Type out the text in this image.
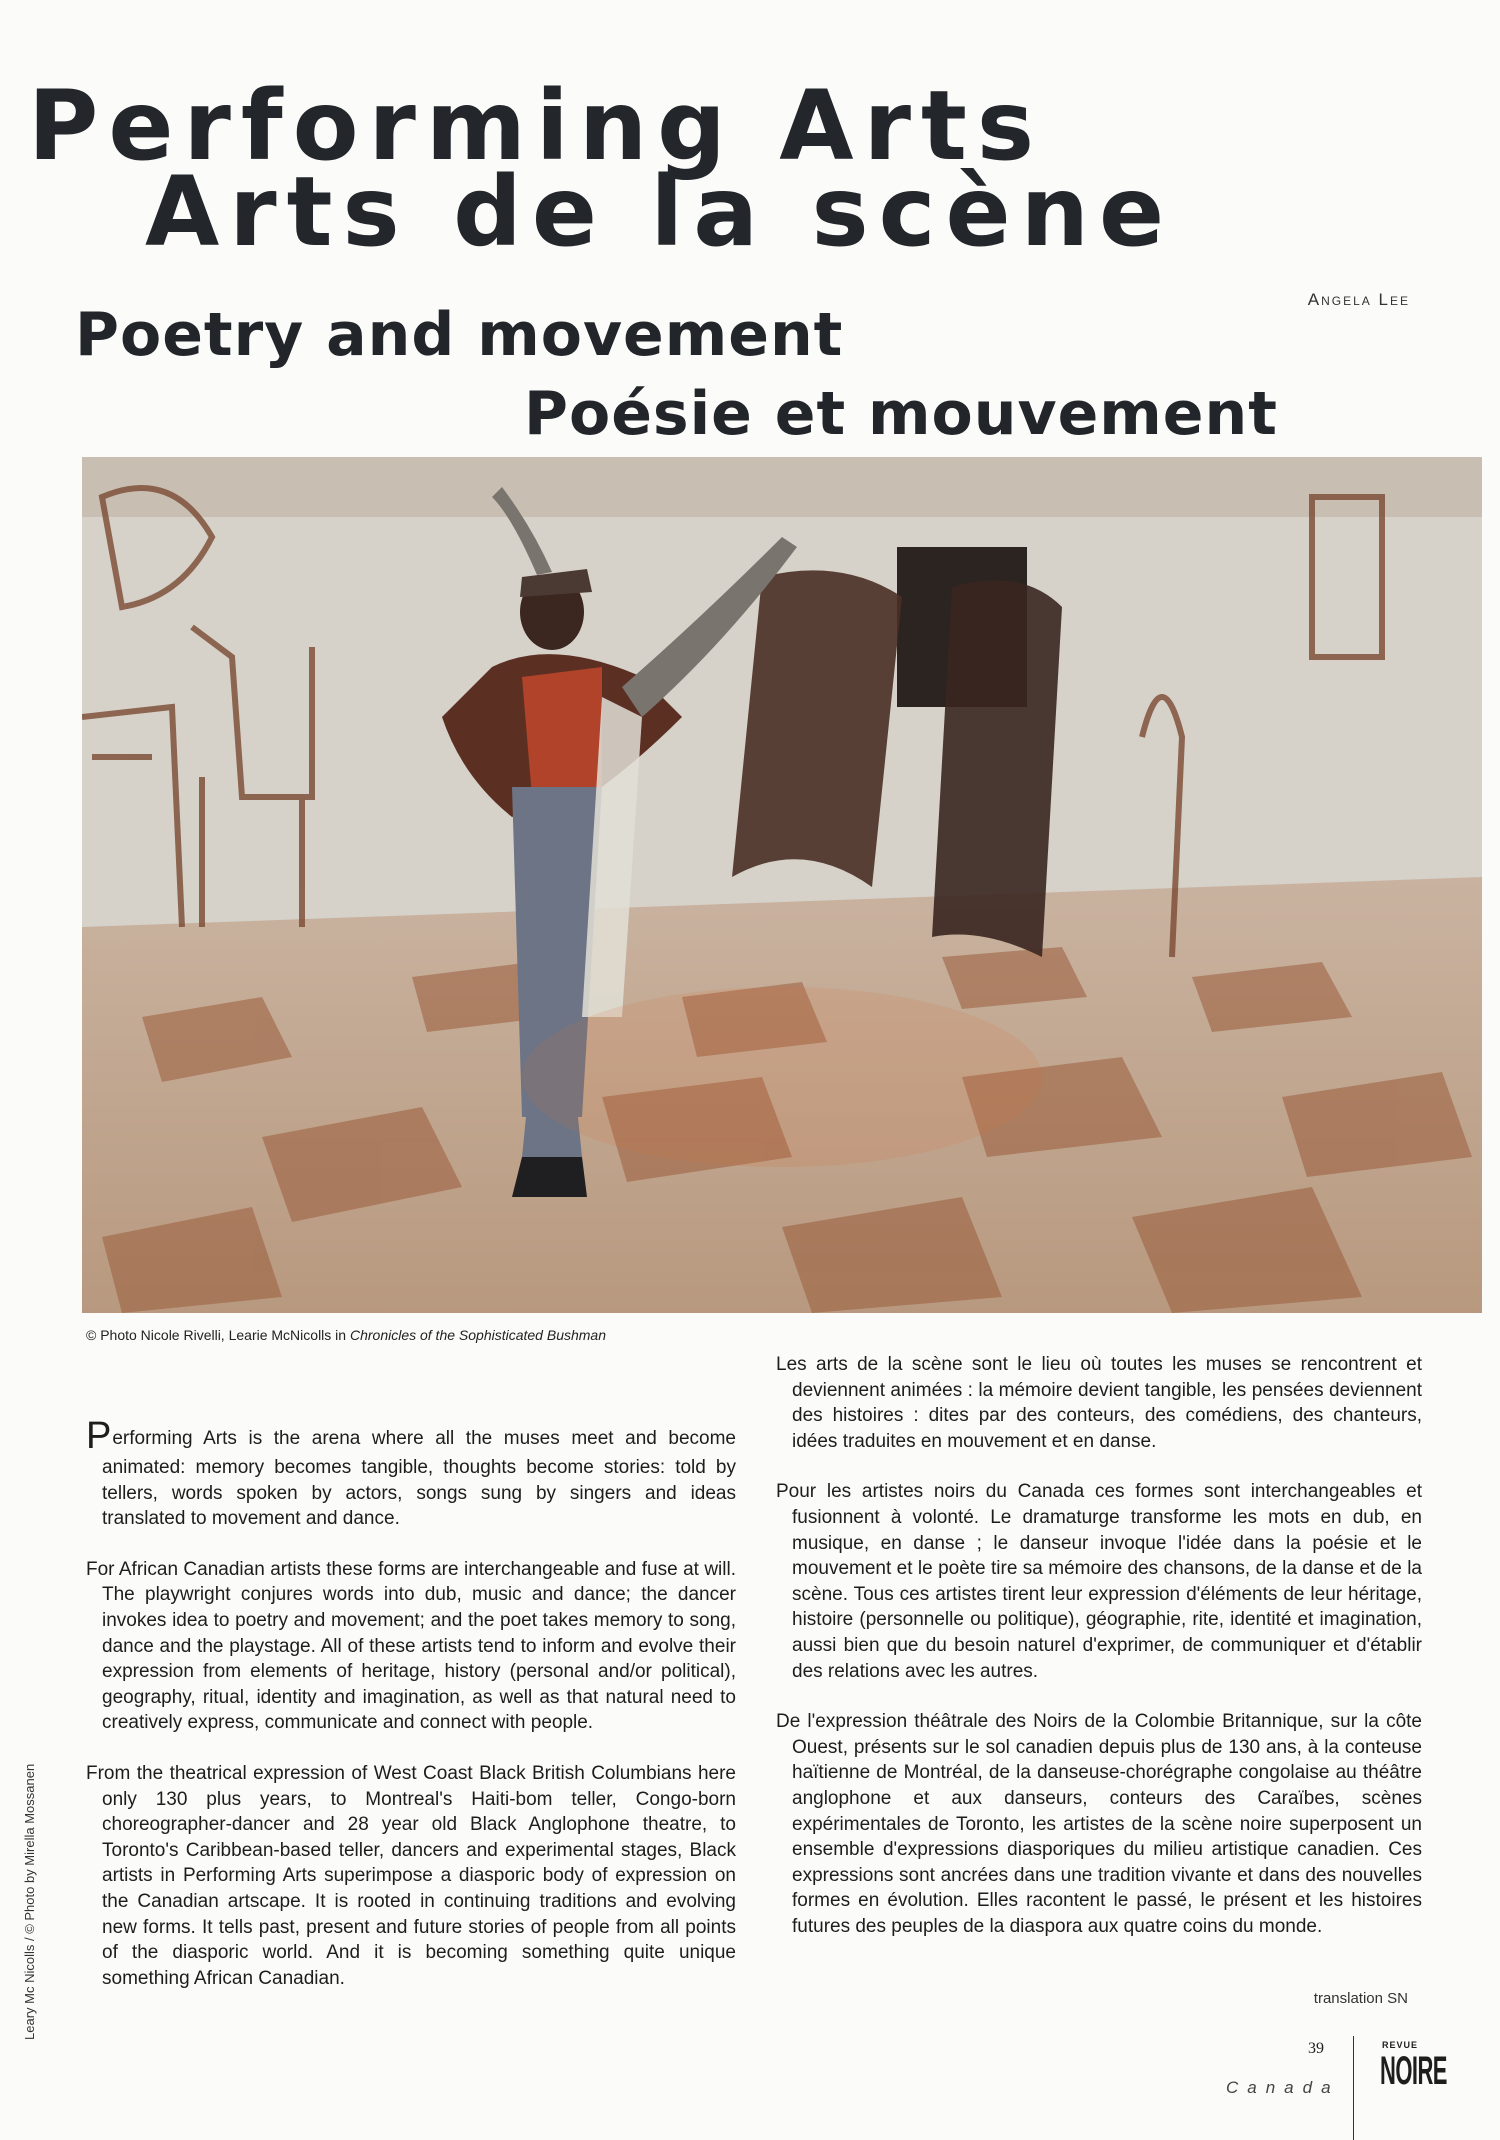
Performing Arts
Arts de la scène
Angela Lee
Poetry and movement
Poésie et mouvement
© Photo Nicole Rivelli, Learie McNicolls in Chronicles of the Sophisticated Bushman

Performing Arts is the arena where all the muses meet and become animated: memory becomes tangible, thoughts become stories: told by tellers, words spoken by actors, songs sung by singers and ideas translated to movement and dance.

For African Canadian artists these forms are interchangeable and fuse at will. The playwright conjures words into dub, music and dance; the dancer invokes idea to poetry and movement; and the poet takes memory to song, dance and the playstage. All of these artists tend to inform and evolve their expression from elements of heritage, history (personal and/or political), geography, ritual, identity and imagination, as well as that natural need to creatively express, communicate and connect with people.

From the theatrical expression of West Coast Black British Columbians here only 130 plus years, to Montreal's Haiti-bom teller, Congo-born choreographer-dancer and 28 year old Black Anglophone theatre, to Toronto's Caribbean-based teller, dancers and experimental stages, Black artists in Performing Arts superimpose a diasporic body of expression on the Canadian artscape. It is rooted in continuing traditions and evolving new forms. It tells past, present and future stories of people from all points of the diasporic world. And it is becoming something quite unique something African Canadian.

Les arts de la scène sont le lieu où toutes les muses se rencontrent et deviennent animées : la mémoire devient tangible, les pensées deviennent des histoires : dites par des conteurs, des comédiens, des chanteurs, idées traduites en mouvement et en danse.

Pour les artistes noirs du Canada ces formes sont interchangeables et fusionnent à volonté. Le dramaturge transforme les mots en dub, en musique, en danse ; le danseur invoque l'idée dans la poésie et le mouvement et le poète tire sa mémoire des chansons, de la danse et de la scène. Tous ces artistes tirent leur expression d'éléments de leur héritage, histoire (personnelle ou politique), géographie, rite, identité et imagination, aussi bien que du besoin naturel d'exprimer, de communiquer et d'établir des relations avec les autres.

De l'expression théâtrale des Noirs de la Colombie Britannique, sur la côte Ouest, présents sur le sol canadien depuis plus de 130 ans, à la conteuse haïtienne de Montréal, de la danseuse-chorégraphe congolaise au théâtre anglophone et aux danseurs, conteurs des Caraïbes, scènes expérimentales de Toronto, les artistes de la scène noire superposent un ensemble d'expressions diasporiques du milieu artistique canadien. Ces expressions sont ancrées dans une tradition vivante et dans des nouvelles formes en évolution. Elles racontent le passé, le présent et les histoires futures des peuples de la diaspora aux quatre coins du monde.

translation SN
Leary Mc Nicolls / © Photo by Mirella Mossanen
39
Canada
REVUE
NOIRE
